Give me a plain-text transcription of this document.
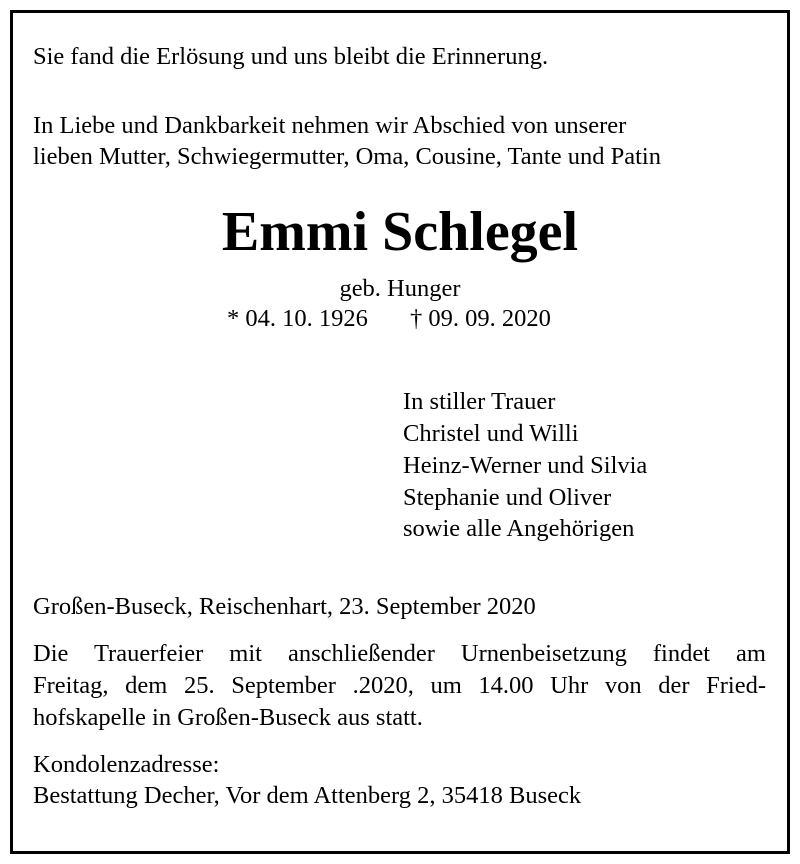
Sie fand die Erlösung und uns bleibt die Erinnerung.
In Liebe und Dankbarkeit nehmen wir Abschied von unserer
lieben Mutter, Schwiegermutter, Oma, Cousine, Tante und Patin
Emmi Schlegel
geb. Hunger
* 04. 10. 1926 † 09. 09. 2020
In stiller Trauer
Christel und Willi
Heinz-Werner und Silvia
Stephanie und Oliver
sowie alle Angehörigen
Großen-Buseck, Reischenhart, 23. September 2020
Die Trauerfeier mit anschließender Urnenbeisetzung findet am
Freitag, dem 25. September .2020, um 14.00 Uhr von der Fried-
hofskapelle in Großen-Buseck aus statt.
Kondolenzadresse:
Bestattung Decher, Vor dem Attenberg 2, 35418 Buseck
